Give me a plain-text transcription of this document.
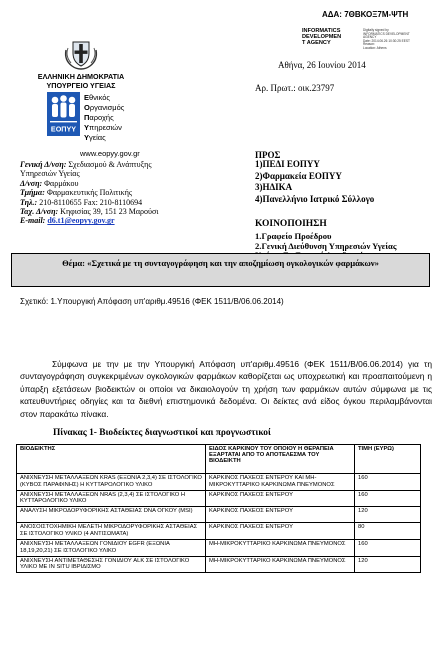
ΑΔΑ: 7ΘΒΚΟΞ7Μ-ΨΤΗ
INFORMATICS
DEVELOPMEN
T AGENCY
Digitally signed by
INFORMATICS DEVELOPMENT AGENCY
Date: 2014.06.26 10:30:25 EEST
Reason:
Location: Athens
Αθήνα, 26 Ιουνίου 2014
Αρ. Πρωτ.: οικ.23797
ΕΛΛΗΝΙΚΗ ΔΗΜΟΚΡΑΤΙΑ
ΥΠΟΥΡΓΕΙΟ ΥΓΕΙΑΣ
ΕΟΠΥΥ
Εθνικός
Οργανισμός
Παροχής
Υπηρεσιών
Υγείας
www.eopyy.gov.gr
Γενική Δ/νση: Σχεδιασμού & Ανάπτυξης
Υπηρεσιών Υγείας
Δ/νση: Φαρμάκου
Τμήμα: Φαρμακευτικής Πολιτικής
Τηλ.: 210-8110655 Fax: 210-8110694
Ταχ. Δ/νση: Κηφισίας 39, 151 23 Μαρούσι
E-mail: d6.t1@eopyy.gov.gr
ΠΡΟΣ
1)ΠΕΔΙ ΕΟΠΥΥ
2)Φαρμακεία ΕΟΠΥΥ
3)ΗΔΙΚΑ
4)Πανελλήνιο Ιατρικό Σύλλογο
ΚΟΙΝΟΠΟΙΗΣΗ
1.Γραφείο Προέδρου
2.Γενική Διεύθυνση Υπηρεσιών Υγείας
Θέμα: «Σχετικά με τη συνταγογράφηση και την αποζημίωση ογκολογικών φαρμάκων»
Σχετικό: 1.Υπουργική Απόφαση υπ'αριθμ.49516 (ΦΕΚ 1511/Β/06.06.2014)
Σύμφωνα με την με την Υπουργική Απόφαση υπ'αριθμ.49516 (ΦΕΚ 1511/Β/06.06.2014) για τη συνταγογράφηση συγκεκριμένων ογκολογικών φαρμάκων καθορίζεται ως υποχρεωτική και προαπαιτούμενη η ύπαρξη εξετάσεων βιοδεικτών οι οποίοι να δικαιολογούν τη χρήση των φαρμάκων αυτών σύμφωνα με τις κατευθυντήριες οδηγίες και τα διεθνή επιστημονικά δεδομένα. Οι δείκτες ανά είδος όγκου περιλαμβάνονται στον παρακάτω πίνακα.
Πίνακας 1- Βιοδείκτες διαγνωστικοί και προγνωστικοί
ΒΙΟΔΕΙΚΤΗΣ	ΕΙΔΟΣ ΚΑΡΚΙΝΟΥ ΤΟΥ ΟΠΟΙΟΥ Η ΘΕΡΑΠΕΙΑ ΕΞΑΡΤΑΤΑΙ ΑΠΟ ΤΟ ΑΠΟΤΕΛΕΣΜΑ ΤΟΥ ΒΙΟΔΕΙΚΤΗ	ΤΙΜΗ (ΕΥΡΩ)
ΑΝΙΧΝΕΥΣΗ ΜΕΤΑΛΛΑΞΕΩΝ KRAS (ΕΞΩΝΙΑ 2,3,4) ΣΕ ΙΣΤΟΛΟΓΙΚΟ (ΚΥΒΟΣ ΠΑΡΑΦΙΝΗΣ) Η ΚΥΤΤΑΡΟΛΟΓΙΚΟ ΥΛΙΚΟ	ΚΑΡΚΙΝΟΣ ΠΑΧΕΟΣ ΕΝΤΕΡΟΥ ΚΑΙ ΜΗ-ΜΙΚΡΟΚΥΤΤΑΡΙΚΟ ΚΑΡΚΙΝΩΜΑ ΠΝΕΥΜΟΝΟΣ	160
ΑΝΙΧΝΕΥΣΗ ΜΕΤΑΛΛΑΞΕΩΝ NRAS (2,3,4) ΣΕ ΙΣΤΟΛΟΓΙΚΟ Η ΚΥΤΤΑΡΟΛΟΓΙΚΟ ΥΛΙΚΟ	ΚΑΡΚΙΝΟΣ ΠΑΧΕΟΣ ΕΝΤΕΡΟΥ	160
ΑΝΑΛΥΣΗ ΜΙΚΡΟΔΟΡΥΦΟΡΙΚΗΣ ΑΣΤΑΘΕΙΑΣ DNA ΟΓΚΟΥ (MSI)	ΚΑΡΚΙΝΟΣ ΠΑΧΕΟΣ ΕΝΤΕΡΟΥ	120
ΑΝΟΣΟΙΣΤΟΧΗΜΙΚΗ ΜΕΛΕΤΗ ΜΙΚΡΟΔΟΡΥΦΟΡΙΚΗΣ ΑΣΤΑΘΕΙΑΣ ΣΕ ΙΣΤΟΛΟΓΙΚΟ ΥΛΙΚΟ (4 ΑΝΤΙΣΩΜΑΤΑ)	ΚΑΡΚΙΝΟΣ ΠΑΧΕΟΣ ΕΝΤΕΡΟΥ	80
ΑΝΙΧΝΕΥΣΗ ΜΕΤΑΛΛΑΞΕΩΝ ΓΟΝΙΔΙΟΥ EGFR (ΕΞΩΝΙΑ 18,19,20,21) ΣΕ ΙΣΤΟΛΟΓΙΚΟ ΥΛΙΚΟ	ΜΗ-ΜΙΚΡΟΚΥΤΤΑΡΙΚΟ ΚΑΡΚΙΝΩΜΑ ΠΝΕΥΜΟΝΟΣ	160
ΑΝΙΧΝΕΥΣΗ ΑΝΤΙΜΕΤΑΘΕΣΗΣ ΓΟΝΙΔΙΟΥ ALK ΣΕ ΙΣΤΟΛΟΓΙΚΟ ΥΛΙΚΟ ΜΕ IN SITU ΙΒΡΙΔΙΣΜΟ	ΜΗ-ΜΙΚΡΟΚΥΤΤΑΡΙΚΟ ΚΑΡΚΙΝΩΜΑ ΠΝΕΥΜΟΝΟΣ	120
